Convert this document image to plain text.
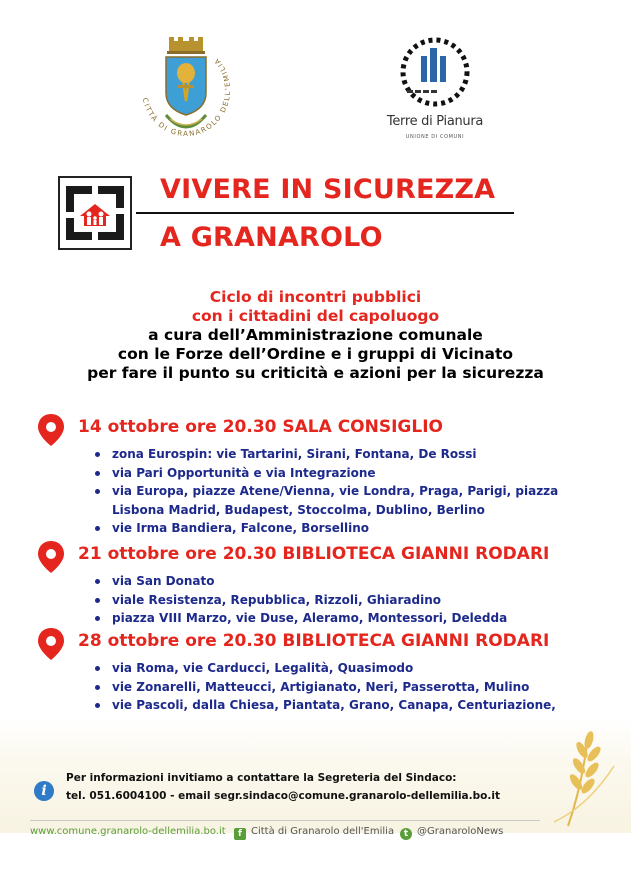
CITTÀ DI GRANAROLO DELL'EMILIA
Terre di Pianura
UNIONE DI COMUNI
VIVERE IN SICUREZZA
A GRANAROLO
Ciclo di incontri pubblici
con i cittadini del capoluogo
a cura dell’Amministrazione comunale
con le Forze dell’Ordine e i gruppi di Vicinato
per fare il punto su criticità e azioni per la sicurezza
14 ottobre ore 20.30 SALA CONSIGLIO
zona Eurospin: vie Tartarini, Sirani, Fontana, De Rossi
via Pari Opportunità e via Integrazione
via Europa, piazze Atene/Vienna, vie Londra, Praga, Parigi, piazza Lisbona Madrid, Budapest, Stoccolma, Dublino, Berlino
vie Irma Bandiera, Falcone, Borsellino
21 ottobre ore 20.30 BIBLIOTECA GIANNI RODARI
via San Donato
viale Resistenza, Repubblica, Rizzoli, Ghiaradino
piazza VIII Marzo, vie Duse, Aleramo, Montessori, Deledda
28 ottobre ore 20.30 BIBLIOTECA GIANNI RODARI
via Roma, vie Carducci, Legalità, Quasimodo
vie Zonarelli, Matteucci, Artigianato, Neri, Passerotta, Mulino
vie Pascoli, dalla Chiesa, Piantata, Grano, Canapa, Centuriazione,
i
Per informazioni invitiamo a contattare la Segreteria del Sindaco:
tel. 051.6004100 - email segr.sindaco@comune.granarolo-dellemilia.bo.it
www.comune.granarolo-dellemilia.bo.it	f Città di Granarolo dell'Emilia	t @GranaroloNews
